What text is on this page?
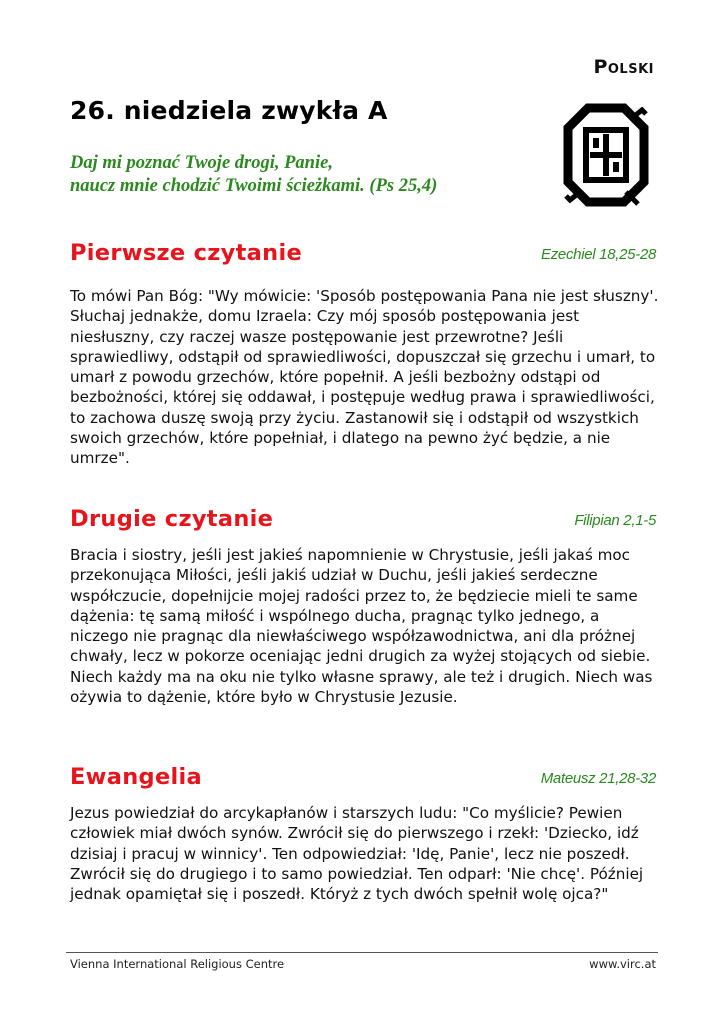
Polski
26. niedziela zwykła A
Daj mi poznać Twoje drogi, Panie,
naucz mnie chodzić Twoimi ścieżkami. (Ps 25,4)
Pierwsze czytanie	Ezechiel 18,25-28

To mówi Pan Bóg: "Wy mówicie: 'Sposób postępowania Pana nie jest słuszny'. Słuchaj jednakże, domu Izraela: Czy mój sposób postępowania jest niesłuszny, czy raczej wasze postępowanie jest przewrotne? Jeśli sprawiedliwy, odstąpił od sprawiedliwości, dopuszczał się grzechu i umarł, to umarł z powodu grzechów, które popełnił. A jeśli bezbożny odstąpi od bezbożności, której się oddawał, i postępuje według prawa i sprawiedliwości, to zachowa duszę swoją przy życiu. Zastanowił się i odstąpił od wszystkich swoich grzechów, które popełniał, i dlatego na pewno żyć będzie, a nie umrze".

Drugie czytanie	Filipian 2,1-5

Bracia i siostry, jeśli jest jakieś napomnienie w Chrystusie, jeśli jakaś moc przekonująca Miłości, jeśli jakiś udział w Duchu, jeśli jakieś serdeczne współczucie, dopełnijcie mojej radości przez to, że będziecie mieli te same dążenia: tę samą miłość i wspólnego ducha, pragnąc tylko jednego, a niczego nie pragnąc dla niewłaściwego współzawodnictwa, ani dla próżnej chwały, lecz w pokorze oceniając jedni drugich za wyżej stojących od siebie. Niech każdy ma na oku nie tylko własne sprawy, ale też i drugich. Niech was ożywia to dążenie, które było w Chrystusie Jezusie.

Ewangelia	Mateusz 21,28-32

Jezus powiedział do arcykapłanów i starszych ludu: "Co myślicie? Pewien człowiek miał dwóch synów. Zwrócił się do pierwszego i rzekł: 'Dziecko, idź dzisiaj i pracuj w winnicy'. Ten odpowiedział: 'Idę, Panie', lecz nie poszedł. Zwrócił się do drugiego i to samo powiedział. Ten odparł: 'Nie chcę'. Później jednak opamiętał się i poszedł. Któryż z tych dwóch spełnił wolę ojca?"

Vienna International Religious Centre	www.virc.at
